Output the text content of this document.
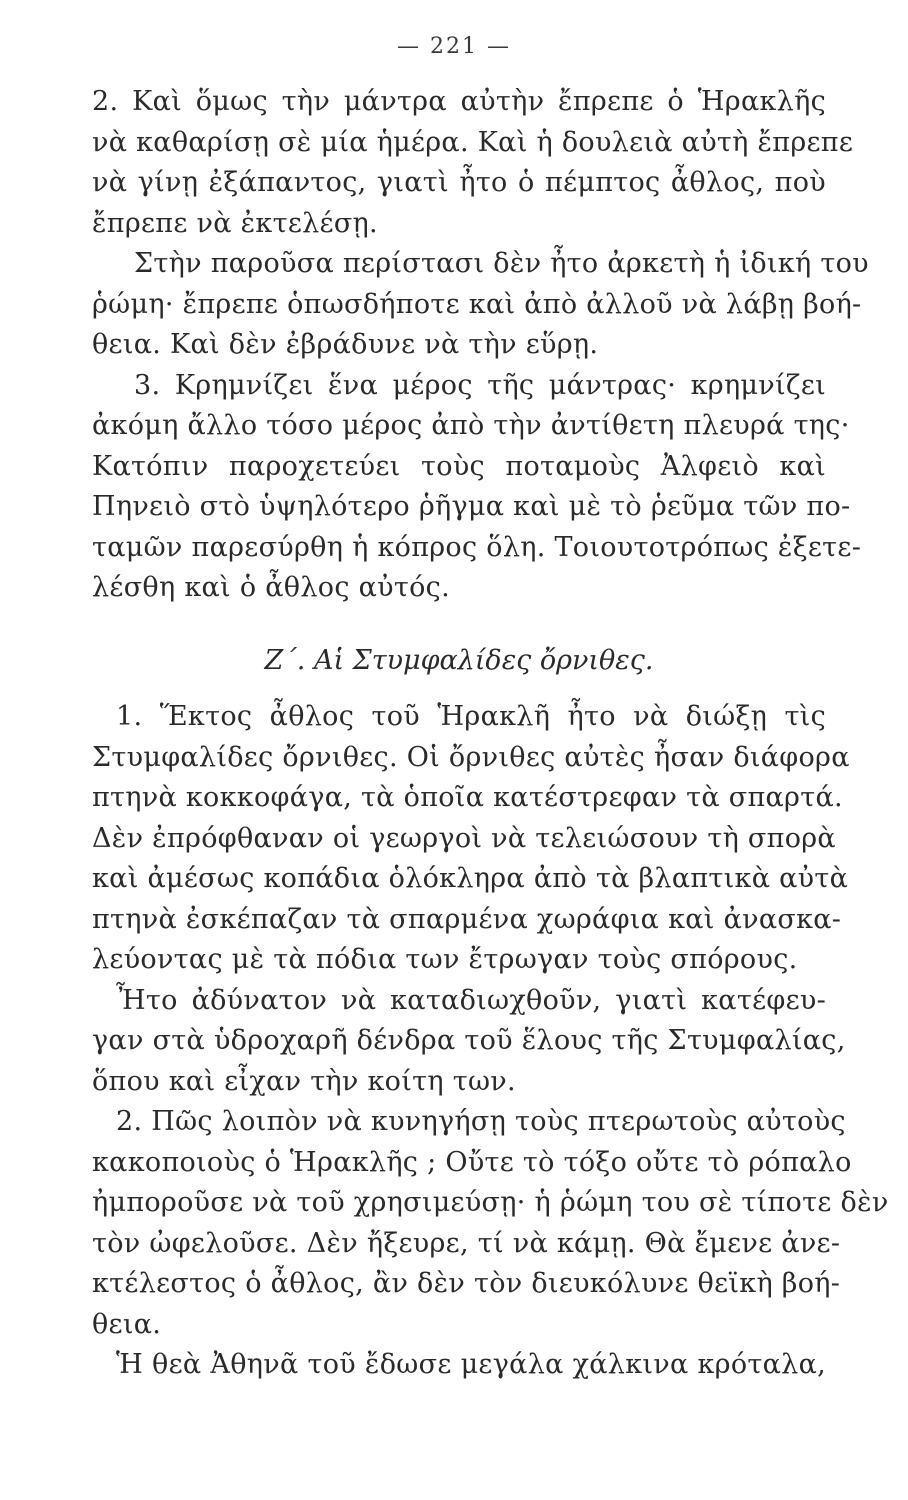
— 221 —
2. Καὶ ὅμως τὴν μάντρα αὐτὴν ἔπρεπε ὁ Ἡρακλῆς
νὰ καθαρίσῃ σὲ μία ἡμέρα. Καὶ ἡ δουλειὰ αὐτὴ ἔπρεπε
νὰ γίνῃ ἐξάπαντος, γιατὶ ἦτο ὁ πέμπτος ἆθλος, ποὺ
ἔπρεπε νὰ ἐκτελέσῃ.
Στὴν παροῦσα περίστασι δὲν ἦτο ἀρκετὴ ἡ ἰδική του
ῥώμη· ἔπρεπε ὁπωσδήποτε καὶ ἀπὸ ἀλλοῦ νὰ λάβῃ βοή-
θεια. Καὶ δὲν ἐβράδυνε νὰ τὴν εὕρῃ.
3. Κρημνίζει ἕνα μέρος τῆς μάντρας· κρημνίζει
ἀκόμη ἄλλο τόσο μέρος ἀπὸ τὴν ἀντίθετη πλευρά της·
Κατόπιν παροχετεύει τοὺς ποταμοὺς Ἀλφειὸ καὶ
Πηνειὸ στὸ ὑψηλότερο ῥῆγμα καὶ μὲ τὸ ῥεῦμα τῶν πο-
ταμῶν παρεσύρθη ἡ κόπρος ὅλη. Τοιουτοτρόπως ἐξετε-
λέσθη καὶ ὁ ἆθλος αὐτός.
Ζ΄. Αἱ Στυμφαλίδες ὄρνιθες.
1. Ἕκτος ἆθλος τοῦ Ἡρακλῆ ἦτο νὰ διώξῃ τὶς
Στυμφαλίδες ὄρνιθες. Οἱ ὄρνιθες αὐτὲς ἦσαν διάφορα
πτηνὰ κοκκοφάγα, τὰ ὁποῖα κατέστρεφαν τὰ σπαρτά.
Δὲν ἐπρόφθαναν οἱ γεωργοὶ νὰ τελειώσουν τὴ σπορὰ
καὶ ἀμέσως κοπάδια ὁλόκληρα ἀπὸ τὰ βλαπτικὰ αὐτὰ
πτηνὰ ἐσκέπαζαν τὰ σπαρμένα χωράφια καὶ ἀνασκα-
λεύοντας μὲ τὰ πόδια των ἔτρωγαν τοὺς σπόρους.
Ἦτο ἀδύνατον νὰ καταδιωχθοῦν, γιατὶ κατέφευ-
γαν στὰ ὑδροχαρῆ δένδρα τοῦ ἕλους τῆς Στυμφαλίας,
ὅπου καὶ εἶχαν τὴν κοίτη των.
2. Πῶς λοιπὸν νὰ κυνηγήσῃ τοὺς πτερωτοὺς αὐτοὺς
κακοποιοὺς ὁ Ἡρακλῆς ; Οὔτε τὸ τόξο οὔτε τὸ ρόπαλο
ἠμποροῦσε νὰ τοῦ χρησιμεύσῃ· ἡ ῥώμη του σὲ τίποτε δὲν
τὸν ὠφελοῦσε. Δὲν ἤξευρε, τί νὰ κάμῃ. Θὰ ἔμενε ἀνε-
κτέλεστος ὁ ἆθλος, ἂν δὲν τὸν διευκόλυνε θεϊκὴ βοή-
θεια.
Ἡ θεὰ Ἀθηνᾶ τοῦ ἔδωσε μεγάλα χάλκινα κρόταλα,
